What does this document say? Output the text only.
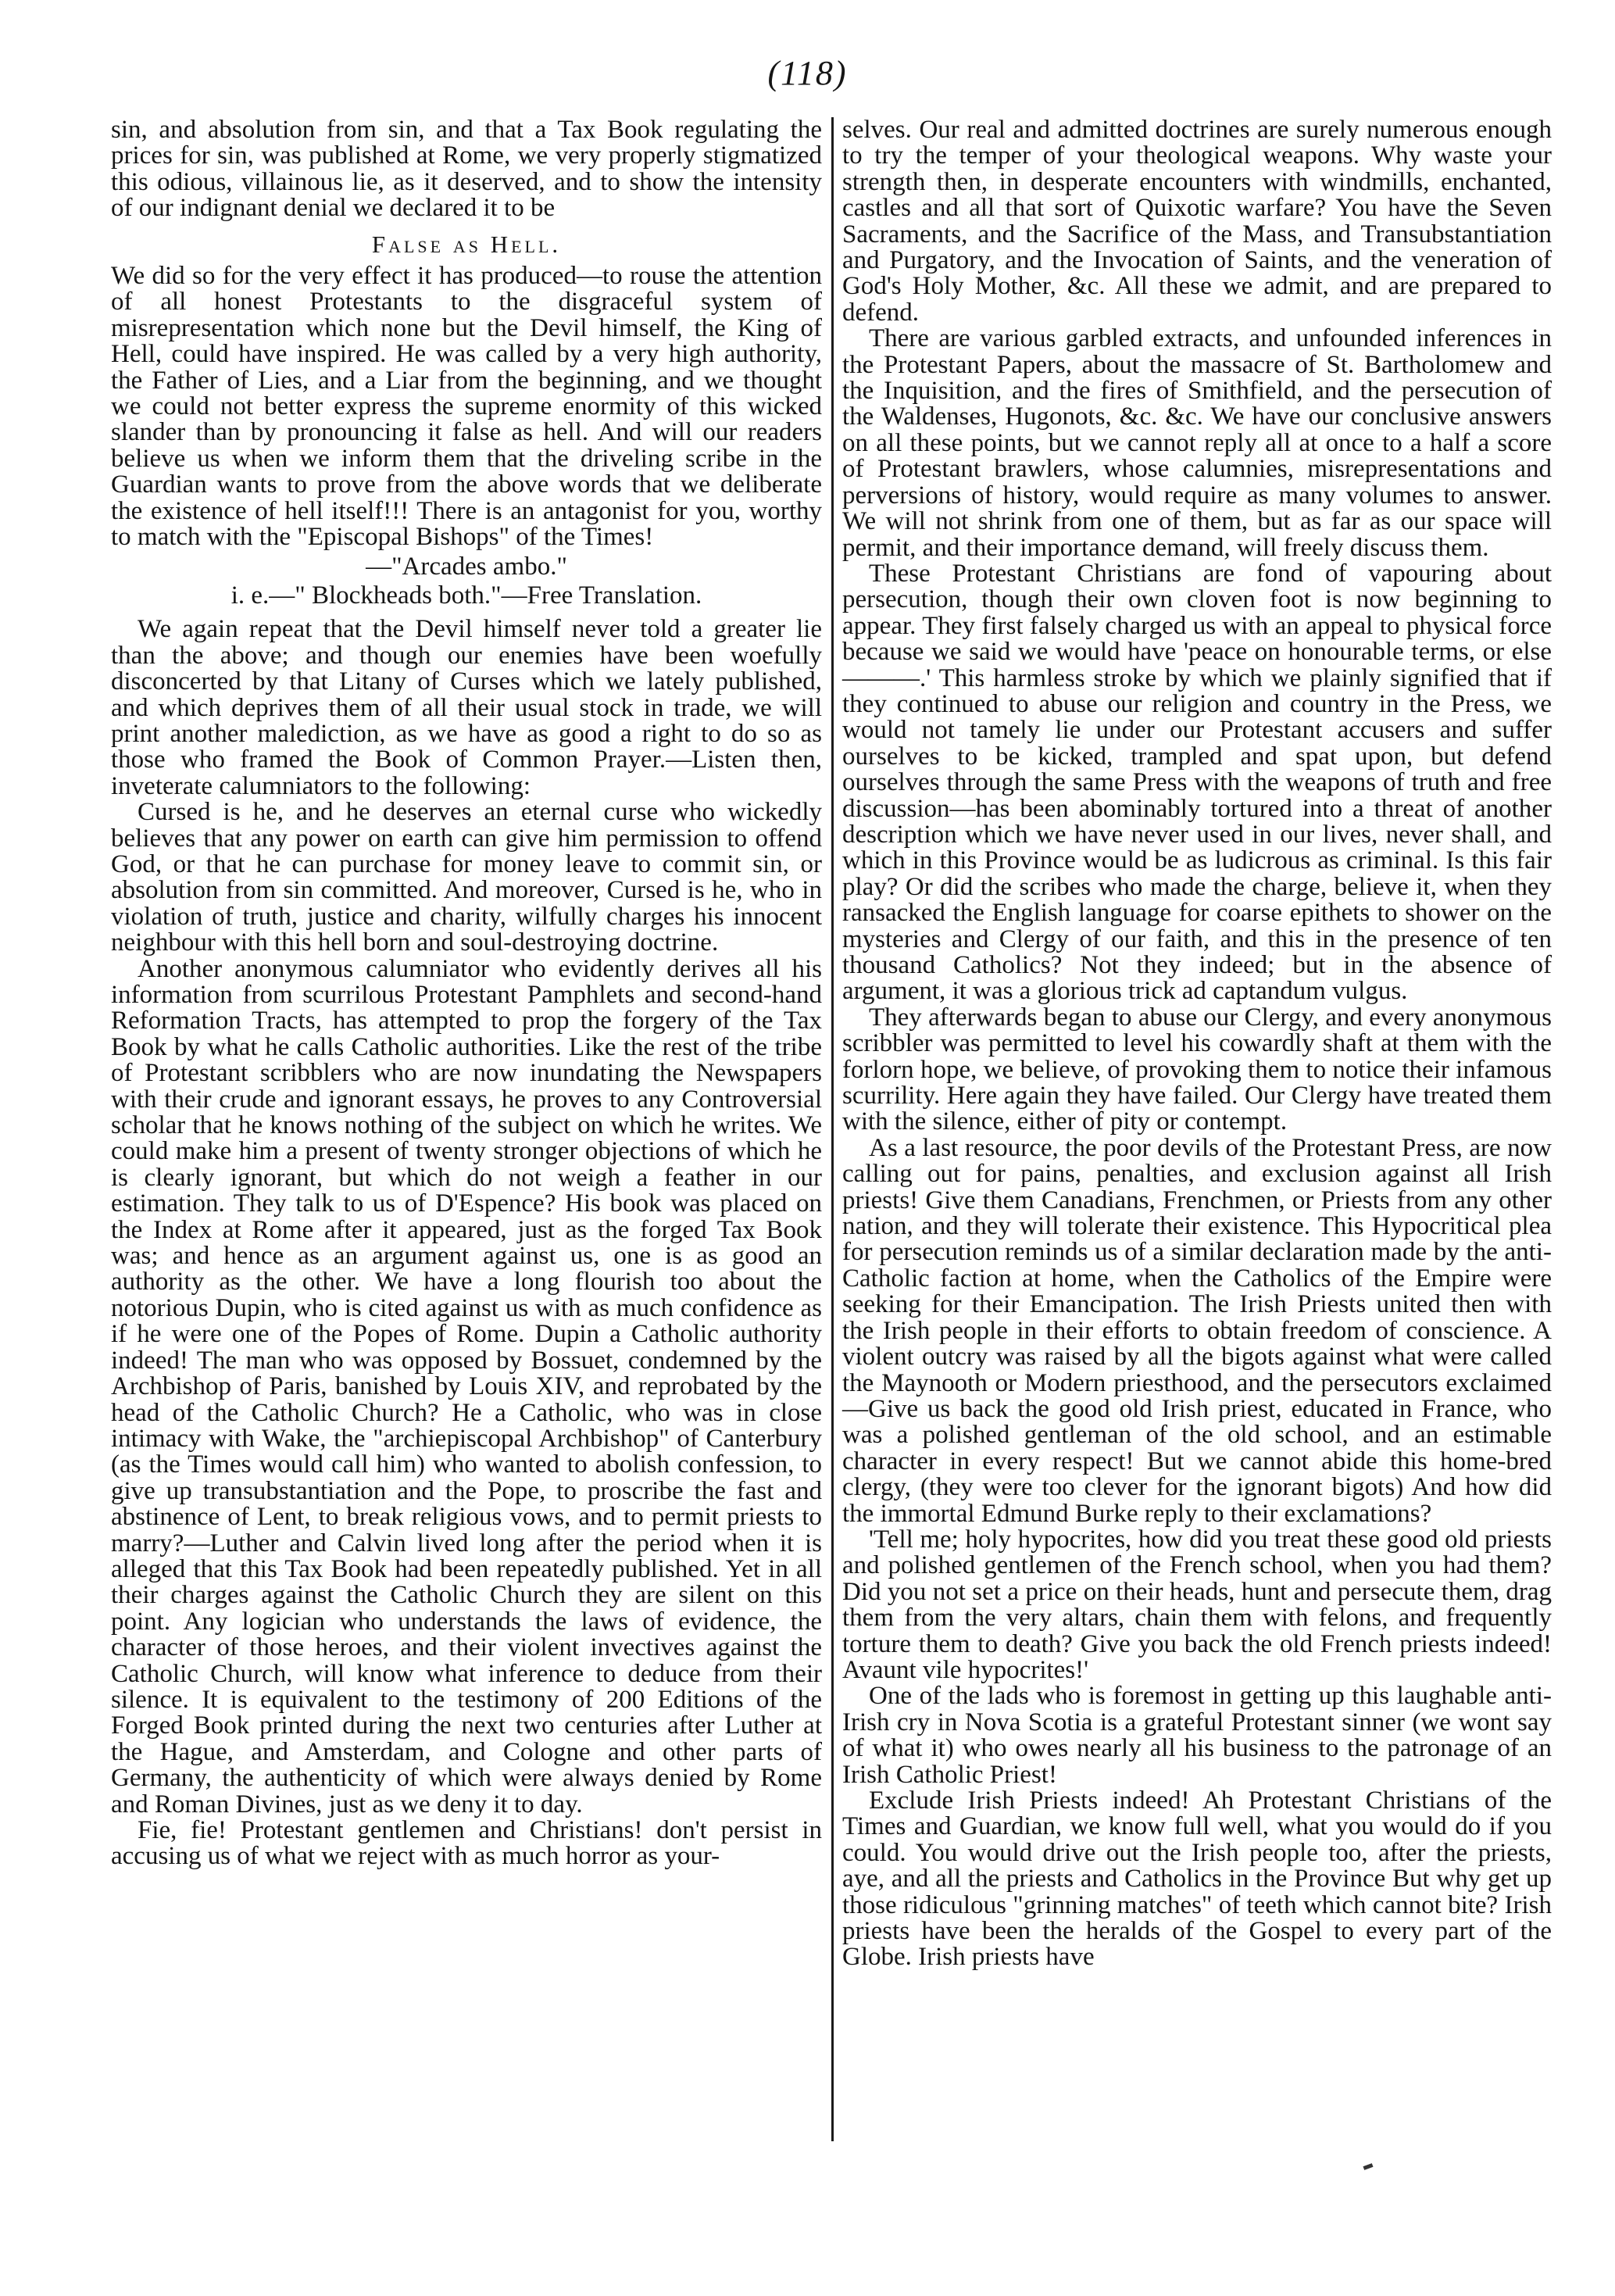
(118)

sin, and absolution from sin, and that a Tax Book regulating the prices for sin, was published at Rome, we very properly stigmatized this odious, villainous lie, as it deserved, and to show the intensity of our indignant denial we declared it to be

False as Hell.

We did so for the very effect it has produced—to rouse the attention of all honest Protestants to the disgraceful system of misrepresentation which none but the Devil himself, the King of Hell, could have inspired. He was called by a very high authority, the Father of Lies, and a Liar from the beginning, and we thought we could not better express the supreme enormity of this wicked slander than by pronouncing it false as hell. And will our readers believe us when we inform them that the driveling scribe in the Guardian wants to prove from the above words that we deliberate the existence of hell itself!!! There is an antagonist for you, worthy to match with the "Episcopal Bishops" of the Times!

—"Arcades ambo."
i. e.—" Blockheads both."—Free Translation.

We again repeat that the Devil himself never told a greater lie than the above; and though our enemies have been woefully disconcerted by that Litany of Curses which we lately published, and which deprives them of all their usual stock in trade, we will print another malediction, as we have as good a right to do so as those who framed the Book of Common Prayer.—Listen then, inveterate calumniators to the following:

Cursed is he, and he deserves an eternal curse who wickedly believes that any power on earth can give him permission to offend God, or that he can purchase for money leave to commit sin, or absolution from sin committed. And moreover, Cursed is he, who in violation of truth, justice and charity, wilfully charges his innocent neighbour with this hell born and soul-destroying doctrine.

Another anonymous calumniator who evidently derives all his information from scurrilous Protestant Pamphlets and second-hand Reformation Tracts, has attempted to prop the forgery of the Tax Book by what he calls Catholic authorities. Like the rest of the tribe of Protestant scribblers who are now inundating the Newspapers with their crude and ignorant essays, he proves to any Controversial scholar that he knows nothing of the subject on which he writes. We could make him a present of twenty stronger objections of which he is clearly ignorant, but which do not weigh a feather in our estimation. They talk to us of D'Espence? His book was placed on the Index at Rome after it appeared, just as the forged Tax Book was; and hence as an argument against us, one is as good an authority as the other. We have a long flourish too about the notorious Dupin, who is cited against us with as much confidence as if he were one of the Popes of Rome. Dupin a Catholic authority indeed! The man who was opposed by Bossuet, condemned by the Archbishop of Paris, banished by Louis XIV, and reprobated by the head of the Catholic Church? He a Catholic, who was in close intimacy with Wake, the "archiepiscopal Archbishop" of Canterbury (as the Times would call him) who wanted to abolish confession, to give up transubstantiation and the Pope, to proscribe the fast and abstinence of Lent, to break religious vows, and to permit priests to marry?—Luther and Calvin lived long after the period when it is alleged that this Tax Book had been repeatedly published. Yet in all their charges against the Catholic Church they are silent on this point. Any logician who understands the laws of evidence, the character of those heroes, and their violent invectives against the Catholic Church, will know what inference to deduce from their silence. It is equivalent to the testimony of 200 Editions of the Forged Book printed during the next two centuries after Luther at the Hague, and Amsterdam, and Cologne and other parts of Germany, the authenticity of which were always denied by Rome and Roman Divines, just as we deny it to day.

Fie, fie! Protestant gentlemen and Christians! don't persist in accusing us of what we reject with as much horror as your-

selves. Our real and admitted doctrines are surely numerous enough to try the temper of your theological weapons. Why waste your strength then, in desperate encounters with windmills, enchanted, castles and all that sort of Quixotic warfare? You have the Seven Sacraments, and the Sacrifice of the Mass, and Transubstantiation and Purgatory, and the Invocation of Saints, and the veneration of God's Holy Mother, &c. All these we admit, and are prepared to defend.

There are various garbled extracts, and unfounded inferences in the Protestant Papers, about the massacre of St. Bartholomew and the Inquisition, and the fires of Smithfield, and the persecution of the Waldenses, Hugonots, &c. &c. We have our conclusive answers on all these points, but we cannot reply all at once to a half a score of Protestant brawlers, whose calumnies, misrepresentations and perversions of history, would require as many volumes to answer. We will not shrink from one of them, but as far as our space will permit, and their importance demand, will freely discuss them.

These Protestant Christians are fond of vapouring about persecution, though their own cloven foot is now beginning to appear. They first falsely charged us with an appeal to physical force because we said we would have 'peace on honourable terms, or else ———.' This harmless stroke by which we plainly signified that if they continued to abuse our religion and country in the Press, we would not tamely lie under our Protestant accusers and suffer ourselves to be kicked, trampled and spat upon, but defend ourselves through the same Press with the weapons of truth and free discussion—has been abominably tortured into a threat of another description which we have never used in our lives, never shall, and which in this Province would be as ludicrous as criminal. Is this fair play? Or did the scribes who made the charge, believe it, when they ransacked the English language for coarse epithets to shower on the mysteries and Clergy of our faith, and this in the presence of ten thousand Catholics? Not they indeed; but in the absence of argument, it was a glorious trick ad captandum vulgus.

They afterwards began to abuse our Clergy, and every anonymous scribbler was permitted to level his cowardly shaft at them with the forlorn hope, we believe, of provoking them to notice their infamous scurrility. Here again they have failed. Our Clergy have treated them with the silence, either of pity or contempt.

As a last resource, the poor devils of the Protestant Press, are now calling out for pains, penalties, and exclusion against all Irish priests! Give them Canadians, Frenchmen, or Priests from any other nation, and they will tolerate their existence. This Hypocritical plea for persecution reminds us of a similar declaration made by the anti-Catholic faction at home, when the Catholics of the Empire were seeking for their Emancipation. The Irish Priests united then with the Irish people in their efforts to obtain freedom of conscience. A violent outcry was raised by all the bigots against what were called the Maynooth or Modern priesthood, and the persecutors exclaimed—Give us back the good old Irish priest, educated in France, who was a polished gentleman of the old school, and an estimable character in every respect! But we cannot abide this home-bred clergy, (they were too clever for the ignorant bigots) And how did the immortal Edmund Burke reply to their exclamations?

'Tell me; holy hypocrites, how did you treat these good old priests and polished gentlemen of the French school, when you had them? Did you not set a price on their heads, hunt and persecute them, drag them from the very altars, chain them with felons, and frequently torture them to death? Give you back the old French priests indeed! Avaunt vile hypocrites!'

One of the lads who is foremost in getting up this laughable anti-Irish cry in Nova Scotia is a grateful Protestant sinner (we wont say of what it) who owes nearly all his business to the patronage of an Irish Catholic Priest!

Exclude Irish Priests indeed! Ah Protestant Christians of the Times and Guardian, we know full well, what you would do if you could. You would drive out the Irish people too, after the priests, aye, and all the priests and Catholics in the Province But why get up those ridiculous "grinning matches" of teeth which cannot bite? Irish priests have been the heralds of the Gospel to every part of the Globe. Irish priests have
